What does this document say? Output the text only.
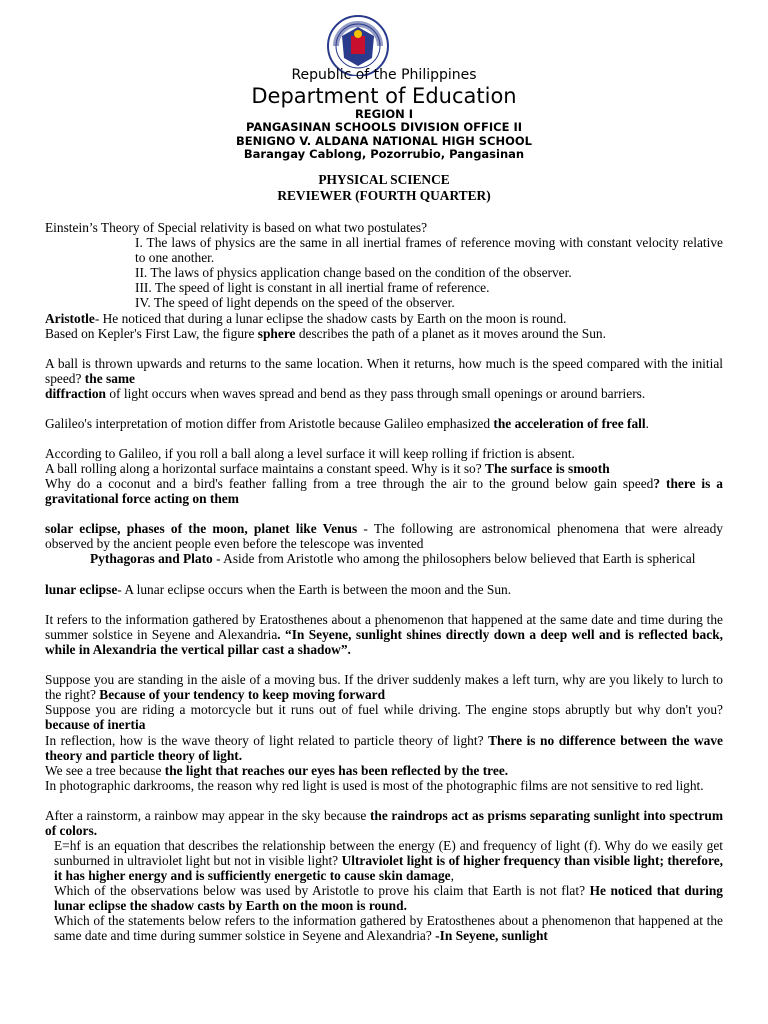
Republic of the Philippines
Department of Education
REGION I
PANGASINAN SCHOOLS DIVISION OFFICE II
BENIGNO V. ALDANA NATIONAL HIGH SCHOOL
Barangay Cablong, Pozorrubio, Pangasinan
PHYSICAL SCIENCE
REVIEWER (FOURTH QUARTER)
Einstein’s Theory of Special relativity is based on what two postulates?
I. The laws of physics are the same in all inertial frames of reference moving with constant velocity relative to one another.
II. The laws of physics application change based on the condition of the observer.
III. The speed of light is constant in all inertial frame of reference.
IV. The speed of light depends on the speed of the observer.
Aristotle- He noticed that during a lunar eclipse the shadow casts by Earth on the moon is round.
Based on Kepler's First Law, the figure sphere describes the path of a planet as it moves around the Sun.
A ball is thrown upwards and returns to the same location. When it returns, how much is the speed compared with the initial speed? the same
diffraction of light occurs when waves spread and bend as they pass through small openings or around barriers.
Galileo's interpretation of motion differ from Aristotle because Galileo emphasized the acceleration of free fall.
According to Galileo, if you roll a ball along a level surface it will keep rolling if friction is absent.
A ball rolling along a horizontal surface maintains a constant speed. Why is it so? The surface is smooth
Why do a coconut and a bird's feather falling from a tree through the air to the ground below gain speed? there is a gravitational force acting on them
solar eclipse, phases of the moon, planet like Venus - The following are astronomical phenomena that were already observed by the ancient people even before the telescope was invented
Pythagoras and Plato - Aside from Aristotle who among the philosophers below believed that Earth is spherical
lunar eclipse- A lunar eclipse occurs when the Earth is between the moon and the Sun.
It refers to the information gathered by Eratosthenes about a phenomenon that happened at the same date and time during the summer solstice in Seyene and Alexandria. “In Seyene, sunlight shines directly down a deep well and is reflected back, while in Alexandria the vertical pillar cast a shadow”.
Suppose you are standing in the aisle of a moving bus. If the driver suddenly makes a left turn, why are you likely to lurch to the right? Because of your tendency to keep moving forward
Suppose you are riding a motorcycle but it runs out of fuel while driving. The engine stops abruptly but why don't you? because of inertia
In reflection, how is the wave theory of light related to particle theory of light? There is no difference between the wave theory and particle theory of light.
We see a tree because the light that reaches our eyes has been reflected by the tree.
In photographic darkrooms, the reason why red light is used is most of the photographic films are not sensitive to red light.
After a rainstorm, a rainbow may appear in the sky because the raindrops act as prisms separating sunlight into spectrum of colors.
E=hf is an equation that describes the relationship between the energy (E) and frequency of light (f). Why do we easily get sunburned in ultraviolet light but not in visible light? Ultraviolet light is of higher frequency than visible light; therefore, it has higher energy and is sufficiently energetic to cause skin damage,
Which of the observations below was used by Aristotle to prove his claim that Earth is not flat? He noticed that during lunar eclipse the shadow casts by Earth on the moon is round.
Which of the statements below refers to the information gathered by Eratosthenes about a phenomenon that happened at the same date and time during summer solstice in Seyene and Alexandria? -In Seyene, sunlight
